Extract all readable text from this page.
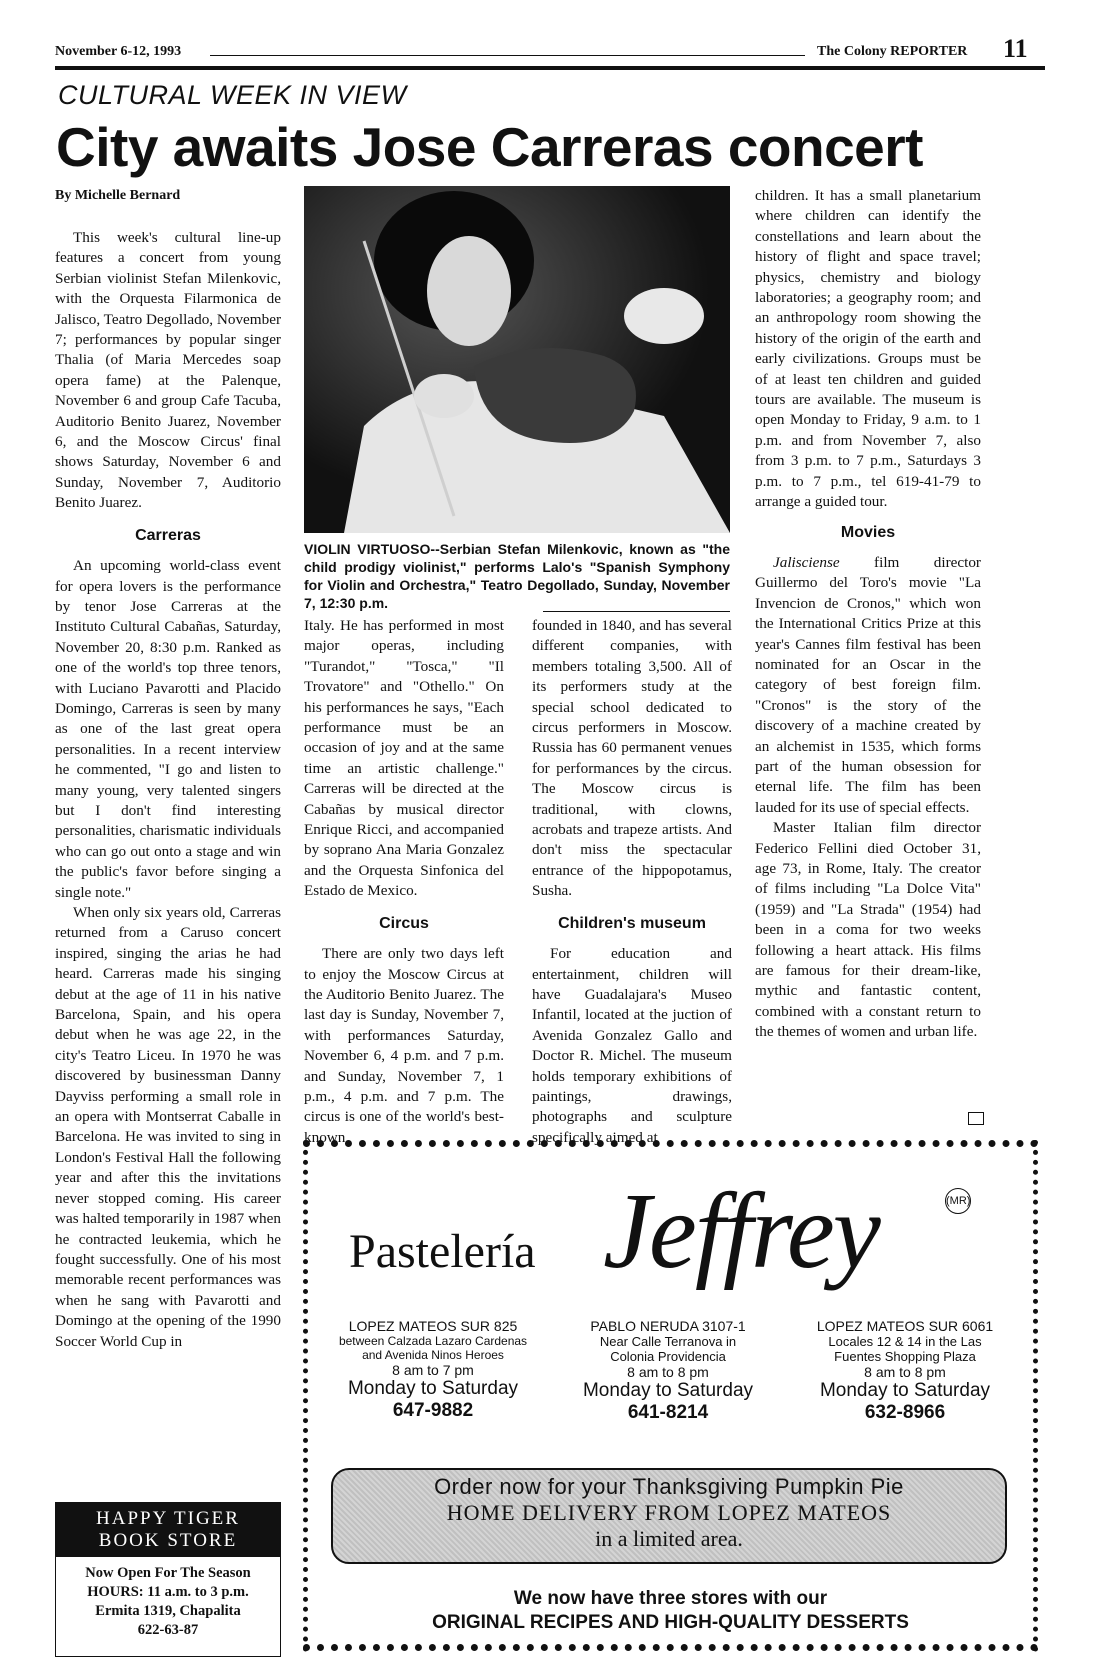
November 6-12, 1993	The Colony REPORTER 11
CULTURAL WEEK IN VIEW
City awaits Jose Carreras concert
By Michelle Bernard

This week's cultural line-up features a concert from young Serbian violinist Stefan Milenkovic, with the Orquesta Filarmonica de Jalisco, Teatro Degollado, November 7; performances by popular singer Thalia (of Maria Mercedes soap opera fame) at the Palenque, November 6 and group Cafe Tacuba, Auditorio Benito Juarez, November 6, and the Moscow Circus' final shows Saturday, November 6 and Sunday, November 7, Auditorio Benito Juarez.

Carreras

An upcoming world-class event for opera lovers is the performance by tenor Jose Carreras at the Instituto Cultural Cabañas, Saturday, November 20, 8:30 p.m. Ranked as one of the world's top three tenors, with Luciano Pavarotti and Placido Domingo, Carreras is seen by many as one of the last great opera personalities. In a recent interview he commented, "I go and listen to many young, very talented singers but I don't find interesting personalities, charismatic individuals who can go out onto a stage and win the public's favor before singing a single note."

When only six years old, Carreras returned from a Caruso concert inspired, singing the arias he had heard. Carreras made his singing debut at the age of 11 in his native Barcelona, Spain, and his opera debut when he was age 22, in the city's Teatro Liceu. In 1970 he was discovered by businessman Danny Dayviss performing a small role in an opera with Montserrat Caballe in Barcelona. He was invited to sing in London's Festival Hall the following year and after this the invitations never stopped coming. His career was halted temporarily in 1987 when he contracted leukemia, which he fought successfully. One of his most memorable recent performances was when he sang with Pavarotti and Domingo at the opening of the 1990 Soccer World Cup in

VIOLIN VIRTUOSO--Serbian Stefan Milenkovic, known as "the child prodigy violinist," performs Lalo's "Spanish Symphony for Violin and Orchestra," Teatro Degollado, Sunday, November 7, 12:30 p.m.

Italy. He has performed in most major operas, including "Turandot," "Tosca," "Il Trovatore" and "Othello." On his performances he says, "Each performance must be an occasion of joy and at the same time an artistic challenge." Carreras will be directed at the Cabañas by musical director Enrique Ricci, and accompanied by soprano Ana Maria Gonzalez and the Orquesta Sinfonica del Estado de Mexico.

Circus

There are only two days left to enjoy the Moscow Circus at the Auditorio Benito Juarez. The last day is Sunday, November 7, with performances Saturday, November 6, 4 p.m. and 7 p.m. and Sunday, November 7, 1 p.m., 4 p.m. and 7 p.m. The circus is one of the world's best-known,

founded in 1840, and has several different companies, with members totaling 3,500. All of its performers study at the special school dedicated to circus performers in Moscow. Russia has 60 permanent venues for performances by the circus. The Moscow circus is traditional, with clowns, acrobats and trapeze artists. And don't miss the spectacular entrance of the hippopotamus, Susha.

Children's museum

For education and entertainment, children will have Guadalajara's Museo Infantil, located at the juction of Avenida Gonzalez Gallo and Doctor R. Michel. The museum holds temporary exhibitions of paintings, drawings, photographs and sculpture specifically aimed at

children. It has a small planetarium where children can identify the constellations and learn about the history of flight and space travel; physics, chemistry and biology laboratories; a geography room; and an anthropology room showing the history of the origin of the earth and early civilizations. Groups must be of at least ten children and guided tours are available. The museum is open Monday to Friday, 9 a.m. to 1 p.m. and from November 7, also from 3 p.m. to 7 p.m., Saturdays 3 p.m. to 7 p.m., tel 619-41-79 to arrange a guided tour.

Movies

Jalisciense film director Guillermo del Toro's movie "La Invencion de Cronos," which won the International Critics Prize at this year's Cannes film festival has been nominated for an Oscar in the category of best foreign film. "Cronos" is the story of the discovery of a machine created by an alchemist in 1535, which forms part of the human obsession for eternal life. The film has been lauded for its use of special effects.

Master Italian film director Federico Fellini died October 31, age 73, in Rome, Italy. The creator of films including "La Dolce Vita" (1959) and "La Strada" (1954) had been in a coma for two weeks following a heart attack. His films are famous for their dream-like, mythic and fantastic content, combined with a constant return to the themes of women and urban life.

HAPPY TIGER
BOOK STORE
Now Open For The Season
HOURS: 11 a.m. to 3 p.m.
Ermita 1319, Chapalita
622-63-87
Pastelería Jeffrey	(MR)
LOPEZ MATEOS SUR 825
between Calzada Lazaro Cardenas
and Avenida Ninos Heroes
8 am to 7 pm
Monday to Saturday
647-9882
PABLO NERUDA 3107-1
Near Calle Terranova in
Colonia Providencia
8 am to 8 pm
Monday to Saturday
641-8214
LOPEZ MATEOS SUR 6061
Locales 12 & 14 in the Las
Fuentes Shopping Plaza
8 am to 8 pm
Monday to Saturday
632-8966
Order now for your Thanksgiving Pumpkin Pie
HOME DELIVERY FROM LOPEZ MATEOS
in a limited area.
We now have three stores with our
ORIGINAL RECIPES AND HIGH-QUALITY DESSERTS
